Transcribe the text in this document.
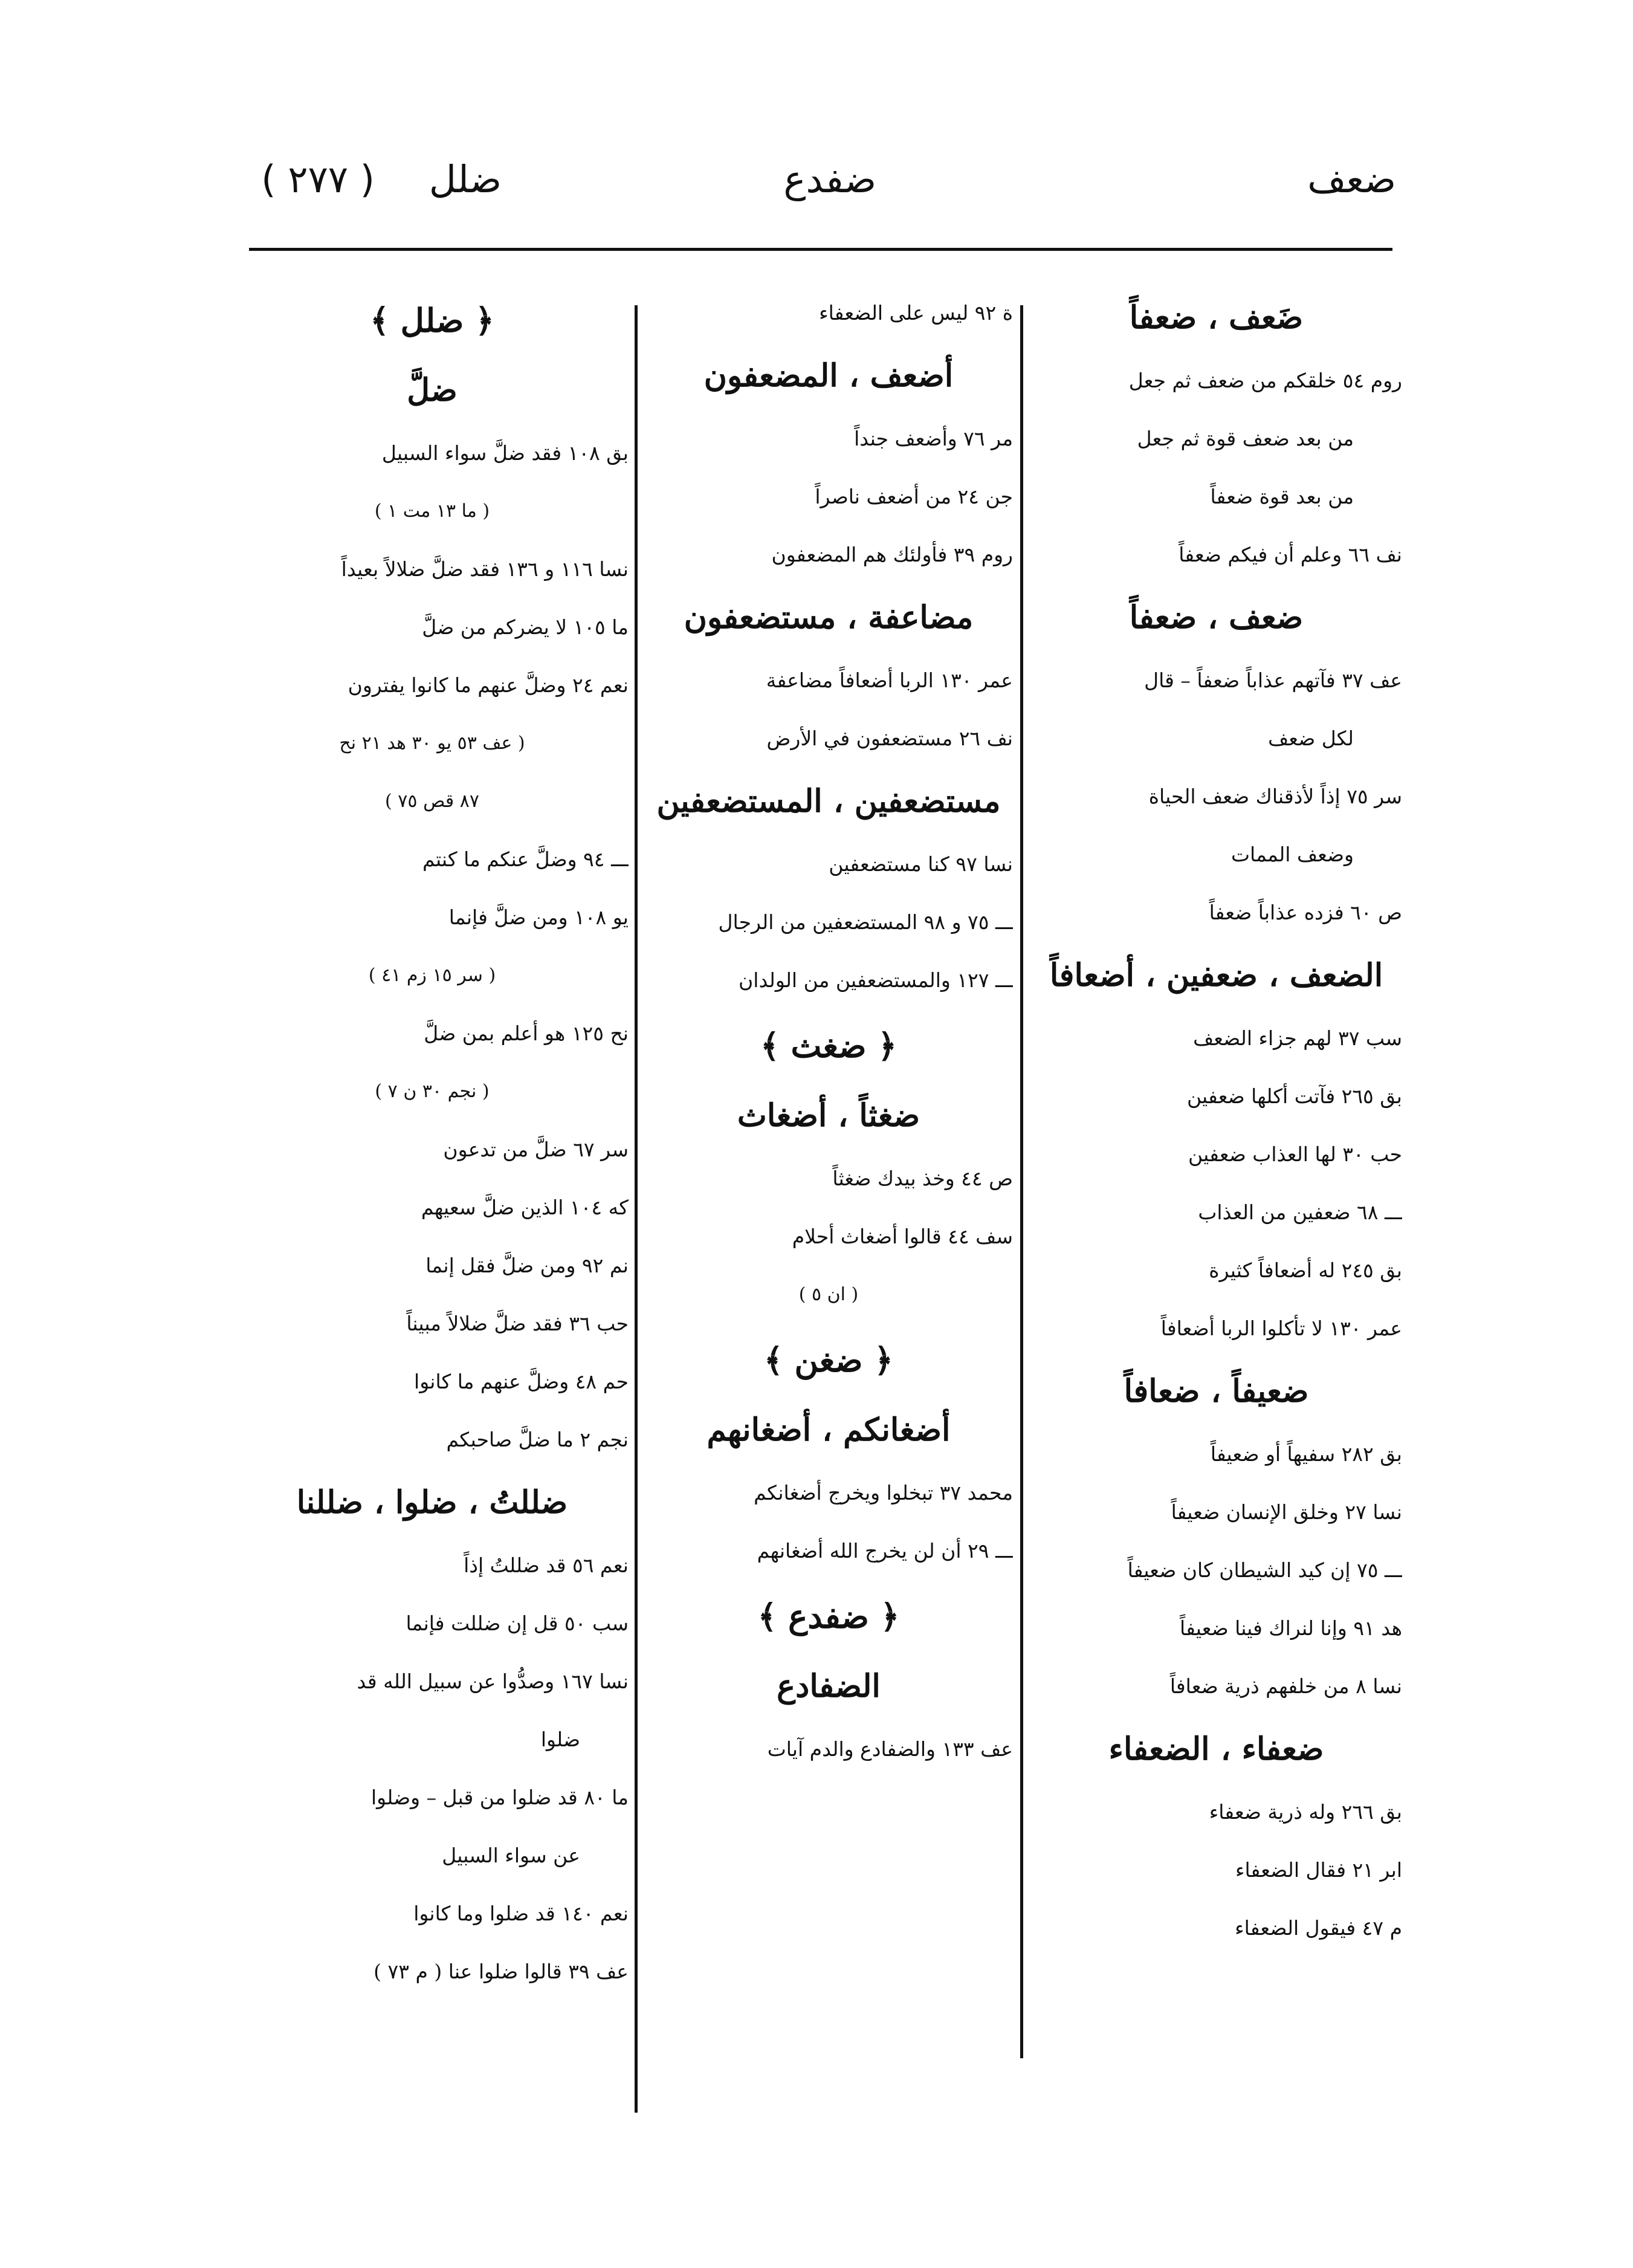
ضعف
ضفدع
ضلل
( ٢٧٧ )
ضَعف ، ضعفاً
روم ٥٤ خلقكم من ضعف ثم جعل
من بعد ضعف قوة ثم جعل
من بعد قوة ضعفاً
نف ٦٦ وعلم أن فيكم ضعفاً
ضعف ، ضعفاً
عف ٣٧ فآتهم عذاباً ضعفاً – قال
لكل ضعف
سر ٧٥ إذاً لأذقناك ضعف الحياة
وضعف الممات
ص ٦٠ فزده عذاباً ضعفاً
الضعف ، ضعفين ، أضعافاً
سب ٣٧ لهم جزاء الضعف
بق ٢٦٥ فآتت أكلها ضعفين
حب ٣٠ لها العذاب ضعفين
ـــ ٦٨ ضعفين من العذاب
بق ٢٤٥ له أضعافاً كثيرة
عمر ١٣٠ لا تأكلوا الربا أضعافاً
ضعيفاً ، ضعافاً
بق ٢٨٢ سفيهاً أو ضعيفاً
نسا ٢٧ وخلق الإنسان ضعيفاً
ـــ ٧٥ إن كيد الشيطان كان ضعيفاً
هد ٩١ وإنا لنراك فينا ضعيفاً
نسا ٨ من خلفهم ذرية ضعافاً
ضعفاء ، الضعفاء
بق ٢٦٦ وله ذرية ضعفاء
ابر ٢١ فقال الضعفاء
م ٤٧ فيقول الضعفاء
ة ٩٢ ليس على الضعفاء
أضعف ، المضعفون
مر ٧٦ وأضعف جنداً
جن ٢٤ من أضعف ناصراً
روم ٣٩ فأولئك هم المضعفون
مضاعفة ، مستضعفون
عمر ١٣٠ الربا أضعافاً مضاعفة
نف ٢٦ مستضعفون في الأرض
مستضعفين ، المستضعفين
نسا ٩٧ كنا مستضعفين
ـــ ٧٥ و ٩٨ المستضعفين من الرجال
ـــ ١٢٧ والمستضعفين من الولدان
﴿ ضغث ﴾
ضغثاً ، أضغاث
ص ٤٤ وخذ بيدك ضغثاً
سف ٤٤ قالوا أضغاث أحلام
( ان ٥ )
﴿ ضغن ﴾
أضغانكم ، أضغانهم
محمد ٣٧ تبخلوا ويخرج أضغانكم
ـــ ٢٩ أن لن يخرج الله أضغانهم
﴿ ضفدع ﴾
الضفادع
عف ١٣٣ والضفادع والدم آيات
﴿ ضلل ﴾
ضلَّ
بق ١٠٨ فقد ضلَّ سواء السبيل
( ما ١٣ مت ١ )
نسا ١١٦ و ١٣٦ فقد ضلَّ ضلالاً بعيداً
ما ١٠٥ لا يضركم من ضلَّ
نعم ٢٤ وضلَّ عنهم ما كانوا يفترون
( عف ٥٣ يو ٣٠ هد ٢١ نح
٨٧ قص ٧٥ )
ـــ ٩٤ وضلَّ عنكم ما كنتم
يو ١٠٨ ومن ضلَّ فإنما
( سر ١٥ زم ٤١ )
نح ١٢٥ هو أعلم بمن ضلَّ
( نجم ٣٠ ن ٧ )
سر ٦٧ ضلَّ من تدعون
كه ١٠٤ الذين ضلَّ سعيهم
نم ٩٢ ومن ضلَّ فقل إنما
حب ٣٦ فقد ضلَّ ضلالاً مبيناً
حم ٤٨ وضلَّ عنهم ما كانوا
نجم ٢ ما ضلَّ صاحبكم
ضللتُ ، ضلوا ، ضللنا
نعم ٥٦ قد ضللتُ إذاً
سب ٥٠ قل إن ضللت فإنما
نسا ١٦٧ وصدُّوا عن سبيل الله قد
ضلوا
ما ٨٠ قد ضلوا من قبل – وضلوا
عن سواء السبيل
نعم ١٤٠ قد ضلوا وما كانوا
عف ٣٩ قالوا ضلوا عنا ( م ٧٣ )
